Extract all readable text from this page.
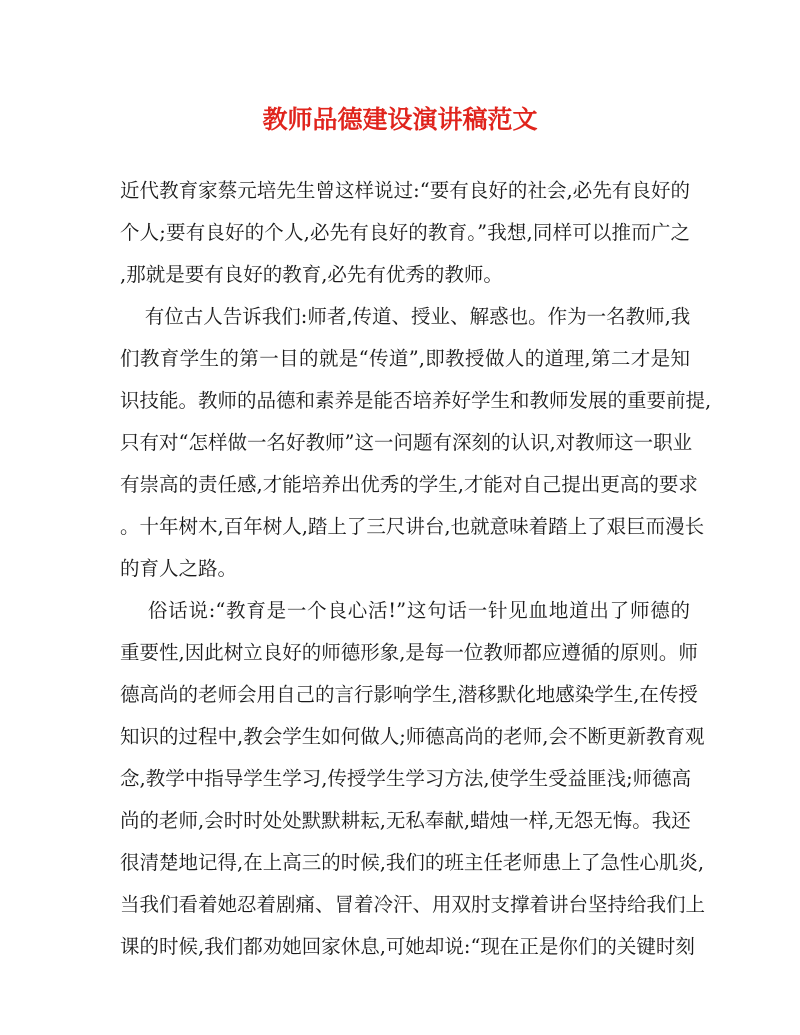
教师品德建设演讲稿范文
近代教育家蔡元培先生曾这样说过:“要有良好的社会,必先有良好的
个人;要有良好的个人,必先有良好的教育。”我想,同样可以推而广之
,那就是要有良好的教育,必先有优秀的教师。
有位古人告诉我们:师者,传道、授业、解惑也。作为一名教师,我
们教育学生的第一目的就是“传道”,即教授做人的道理,第二才是知
识技能。教师的品德和素养是能否培养好学生和教师发展的重要前提,
只有对“怎样做一名好教师”这一问题有深刻的认识,对教师这一职业
有崇高的责任感,才能培养出优秀的学生,才能对自己提出更高的要求
。十年树木,百年树人,踏上了三尺讲台,也就意味着踏上了艰巨而漫长
的育人之路。
俗话说:“教育是一个良心活!”这句话一针见血地道出了师德的
重要性,因此树立良好的师德形象,是每一位教师都应遵循的原则。师
德高尚的老师会用自己的言行影响学生,潜移默化地感染学生,在传授
知识的过程中,教会学生如何做人;师德高尚的老师,会不断更新教育观
念,教学中指导学生学习,传授学生学习方法,使学生受益匪浅;师德高
尚的老师,会时时处处默默耕耘,无私奉献,蜡烛一样,无怨无悔。我还
很清楚地记得,在上高三的时候,我们的班主任老师患上了急性心肌炎,
当我们看着她忍着剧痛、冒着冷汗、用双肘支撑着讲台坚持给我们上
课的时候,我们都劝她回家休息,可她却说:“现在正是你们的关键时刻
